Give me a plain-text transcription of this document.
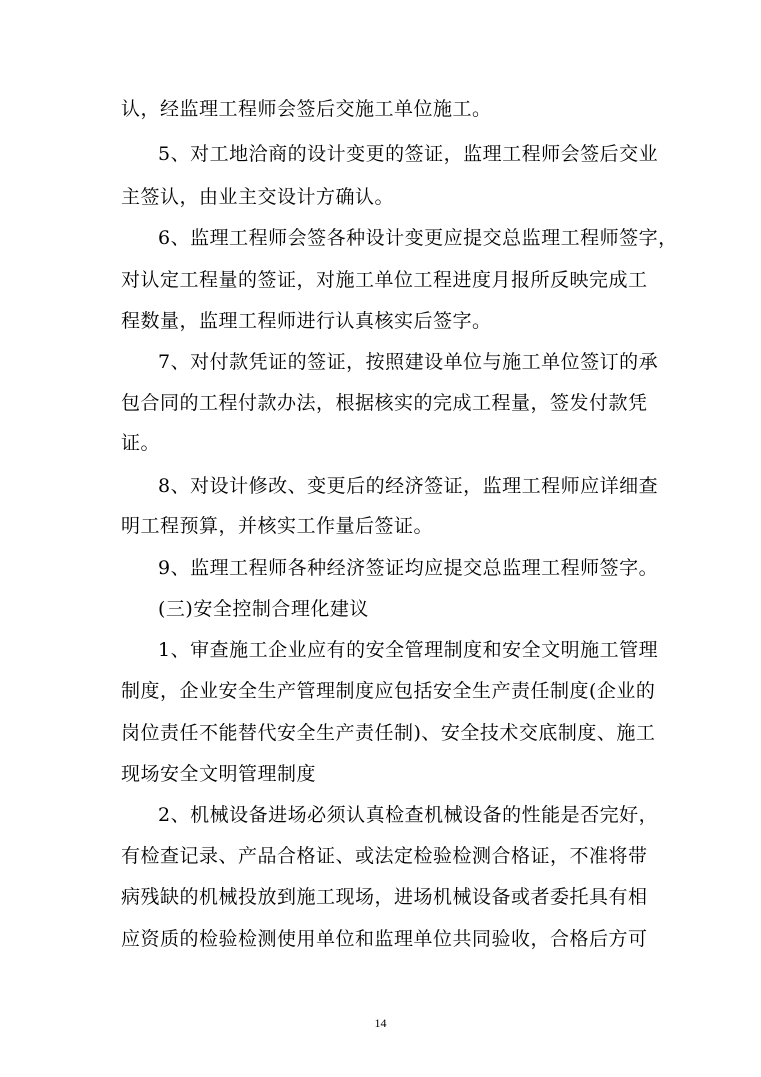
认，经监理工程师会签后交施工单位施工。
5、对工地洽商的设计变更的签证，监理工程师会签后交业
主签认，由业主交设计方确认。
6、监理工程师会签各种设计变更应提交总监理工程师签字，
对认定工程量的签证，对施工单位工程进度月报所反映完成工
程数量，监理工程师进行认真核实后签字。
7、对付款凭证的签证，按照建设单位与施工单位签订的承
包合同的工程付款办法，根据核实的完成工程量，签发付款凭
证。
8、对设计修改、变更后的经济签证，监理工程师应详细查
明工程预算，并核实工作量后签证。
9、监理工程师各种经济签证均应提交总监理工程师签字。
(三)安全控制合理化建议
1、审查施工企业应有的安全管理制度和安全文明施工管理
制度，企业安全生产管理制度应包括安全生产责任制度(企业的
岗位责任不能替代安全生产责任制)、安全技术交底制度、施工
现场安全文明管理制度
2、机械设备进场必须认真检查机械设备的性能是否完好，
有检查记录、产品合格证、或法定检验检测合格证，不准将带
病残缺的机械投放到施工现场，进场机械设备或者委托具有相
应资质的检验检测使用单位和监理单位共同验收，合格后方可
14
